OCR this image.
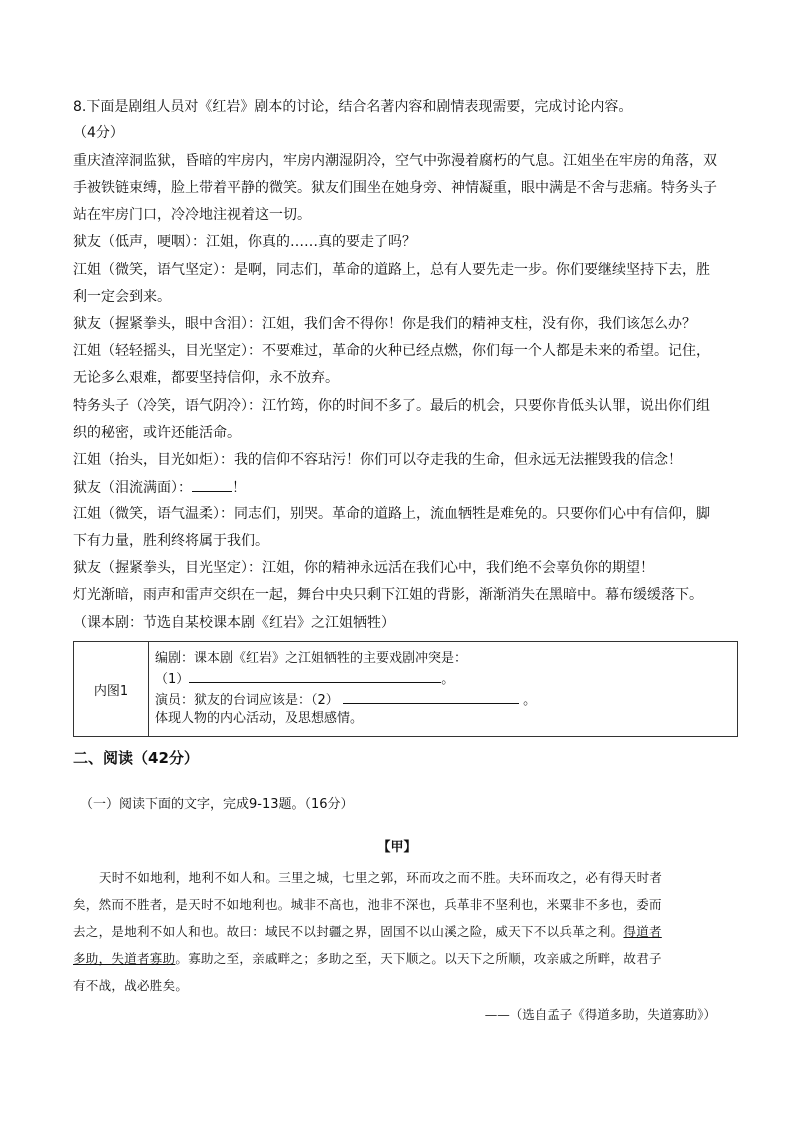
8.下面是剧组人员对《红岩》剧本的讨论，结合名著内容和剧情表现需要，完成讨论内容。
（4分）
重庆渣滓洞监狱，昏暗的牢房内，牢房内潮湿阴冷，空气中弥漫着腐朽的气息。江姐坐在牢房的角落，双
手被铁链束缚，脸上带着平静的微笑。狱友们围坐在她身旁、神情凝重，眼中满是不舍与悲痛。特务头子
站在牢房门口，冷冷地注视着这一切。
狱友（低声，哽咽）：江姐，你真的……真的要走了吗？
江姐（微笑，语气坚定）：是啊，同志们，革命的道路上，总有人要先走一步。你们要继续坚持下去，胜
利一定会到来。
狱友（握紧拳头，眼中含泪）：江姐，我们舍不得你！你是我们的精神支柱，没有你，我们该怎么办？
江姐（轻轻摇头，目光坚定）：不要难过，革命的火种已经点燃，你们每一个人都是未来的希望。记住，
无论多么艰难，都要坚持信仰，永不放弃。
特务头子（冷笑，语气阴冷）：江竹筠，你的时间不多了。最后的机会，只要你肯低头认罪，说出你们组
织的秘密，或许还能活命。
江姐（抬头，目光如炬）：我的信仰不容玷污！你们可以夺走我的生命，但永远无法摧毁我的信念！
狱友（泪流满面）：	！
江姐（微笑，语气温柔）：同志们，别哭。革命的道路上，流血牺牲是难免的。只要你们心中有信仰，脚
下有力量，胜利终将属于我们。
狱友（握紧拳头，目光坚定）：江姐，你的精神永远活在我们心中，我们绝不会辜负你的期望！
灯光渐暗，雨声和雷声交织在一起，舞台中央只剩下江姐的背影，渐渐消失在黑暗中。幕布缓缓落下。
（课本剧：节选自某校课本剧《红岩》之江姐牺牲）
内图1	
编剧：课本剧《红岩》之江姐牺牲的主要戏剧冲突是：
（1）	。
演员：狱友的台词应该是：（2）	。
体现人物的内心活动，及思想感情。
二、阅读（42分）
（一）阅读下面的文字，完成9-13题。（16分）
【甲】
天时不如地利，地利不如人和。三里之城，七里之郭，环而攻之而不胜。夫环而攻之，必有得天时者
矣，然而不胜者，是天时不如地利也。城非不高也，池非不深也，兵革非不坚利也，米粟非不多也，委而
去之，是地利不如人和也。故曰：域民不以封疆之界，固国不以山溪之险，威天下不以兵革之利。得道者
多助，失道者寡助。寡助之至，亲戚畔之；多助之至，天下顺之。以天下之所顺，攻亲戚之所畔，故君子
有不战，战必胜矣。
——（选自孟子《得道多助，失道寡助》）
